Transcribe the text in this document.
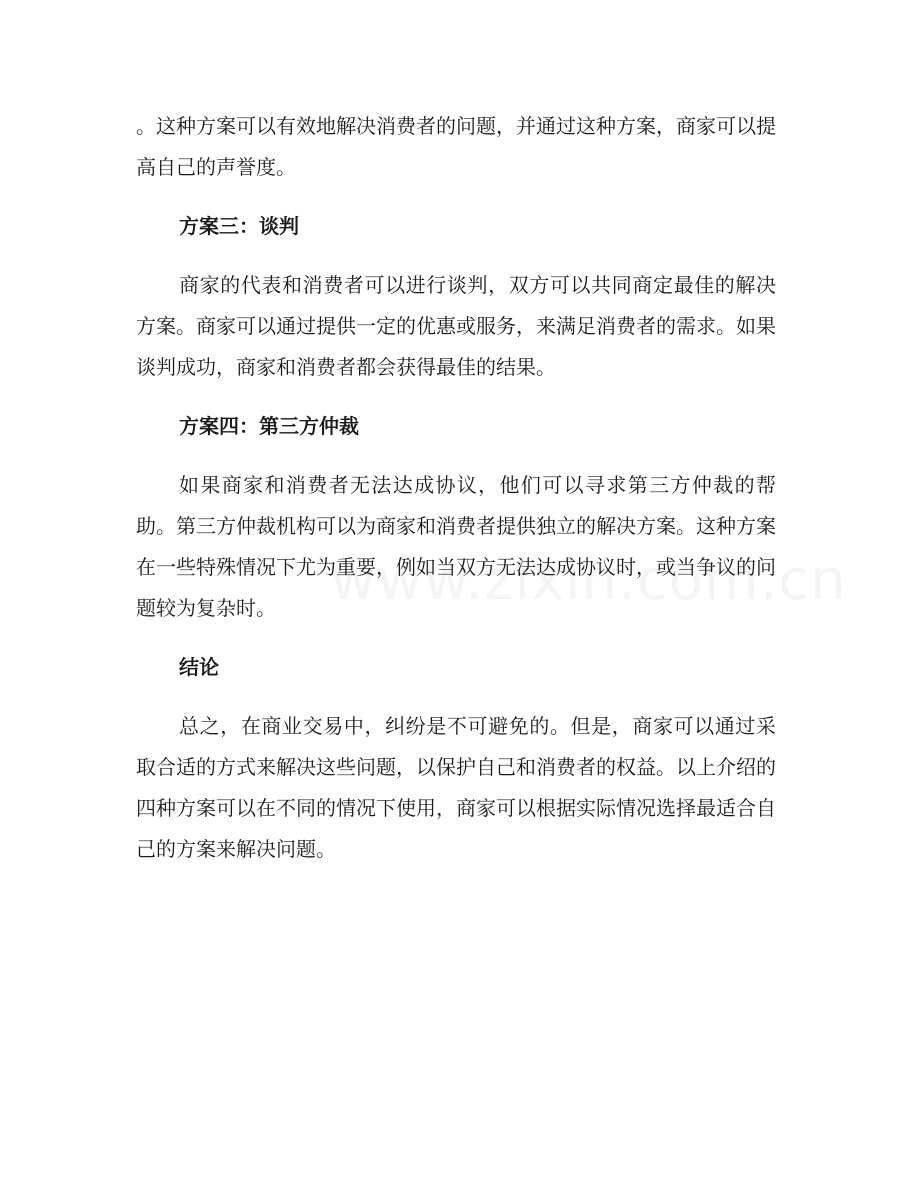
。这种方案可以有效地解决消费者的问题，并通过这种方案，商家可以提高自己的声誉度。

方案三：谈判

商家的代表和消费者可以进行谈判，双方可以共同商定最佳的解决方案。商家可以通过提供一定的优惠或服务，来满足消费者的需求。如果谈判成功，商家和消费者都会获得最佳的结果。

方案四：第三方仲裁

如果商家和消费者无法达成协议，他们可以寻求第三方仲裁的帮助。第三方仲裁机构可以为商家和消费者提供独立的解决方案。这种方案在一些特殊情况下尤为重要，例如当双方无法达成协议时，或当争议的问题较为复杂时。

结论

总之，在商业交易中，纠纷是不可避免的。但是，商家可以通过采取合适的方式来解决这些问题，以保护自己和消费者的权益。以上介绍的四种方案可以在不同的情况下使用，商家可以根据实际情况选择最适合自己的方案来解决问题。
